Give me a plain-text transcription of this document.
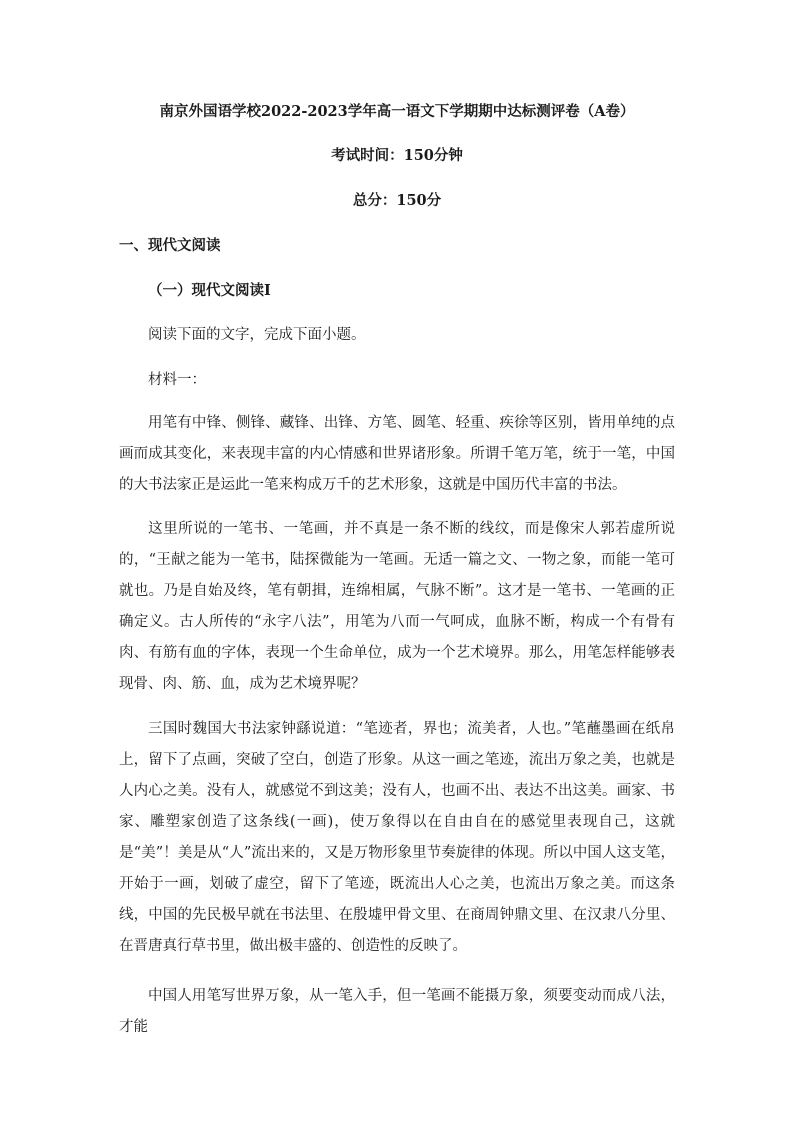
南京外国语学校2022-2023学年高一语文下学期期中达标测评卷（A卷）
考试时间：150分钟
总分：150分
一、现代文阅读
（一）现代文阅读Ⅰ
阅读下面的文字，完成下面小题。
材料一：

用笔有中锋、侧锋、藏锋、出锋、方笔、圆笔、轻重、疾徐等区别，皆用单纯的点画而成其变化，来表现丰富的内心情感和世界诸形象。所谓千笔万笔，统于一笔，中国的大书法家正是运此一笔来构成万千的艺术形象，这就是中国历代丰富的书法。

这里所说的一笔书、一笔画，并不真是一条不断的线纹，而是像宋人郭若虚所说的，“王献之能为一笔书，陆探微能为一笔画。无适一篇之文、一物之象，而能一笔可就也。乃是自始及终，笔有朝揖，连绵相属，气脉不断”。这才是一笔书、一笔画的正确定义。古人所传的“永字八法”，用笔为八而一气呵成，血脉不断，构成一个有骨有肉、有筋有血的字体，表现一个生命单位，成为一个艺术境界。那么，用笔怎样能够表现骨、肉、筋、血，成为艺术境界呢？

三国时魏国大书法家钟繇说道：“笔迹者，界也；流美者，人也。”笔蘸墨画在纸帛上，留下了点画，突破了空白，创造了形象。从这一画之笔迹，流出万象之美，也就是人内心之美。没有人，就感觉不到这美；没有人，也画不出、表达不出这美。画家、书家、雕塑家创造了这条线(一画)，使万象得以在自由自在的感觉里表现自己，这就是“美”！美是从“人”流出来的，又是万物形象里节奏旋律的体现。所以中国人这支笔，开始于一画，划破了虚空，留下了笔迹，既流出人心之美，也流出万象之美。而这条线，中国的先民极早就在书法里、在殷墟甲骨文里、在商周钟鼎文里、在汉隶八分里、在晋唐真行草书里，做出极丰盛的、创造性的反映了。

中国人用笔写世界万象，从一笔入手，但一笔画不能摄万象，须要变动而成八法，才能
